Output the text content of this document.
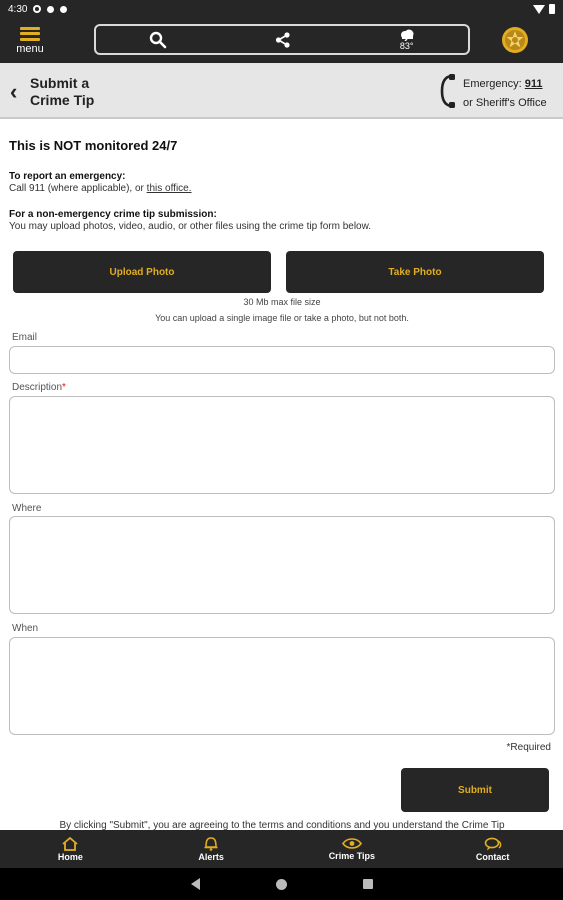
4:30
menu	83°
‹ Submit a Crime Tip
Emergency: 911
or Sheriff's Office
This is NOT monitored 24/7
To report an emergency:
Call 911 (where applicable), or this office.
For a non-emergency crime tip submission:
You may upload photos, video, audio, or other files using the crime tip form below.
Upload Photo	Take Photo
30 Mb max file size
You can upload a single image file or take a photo, but not both.
Email
Description*
Where
When
*Required
Submit
By clicking "Submit", you are agreeing to the terms and conditions and you understand the Crime Tip
Home	Alerts	Crime Tips	Contact
